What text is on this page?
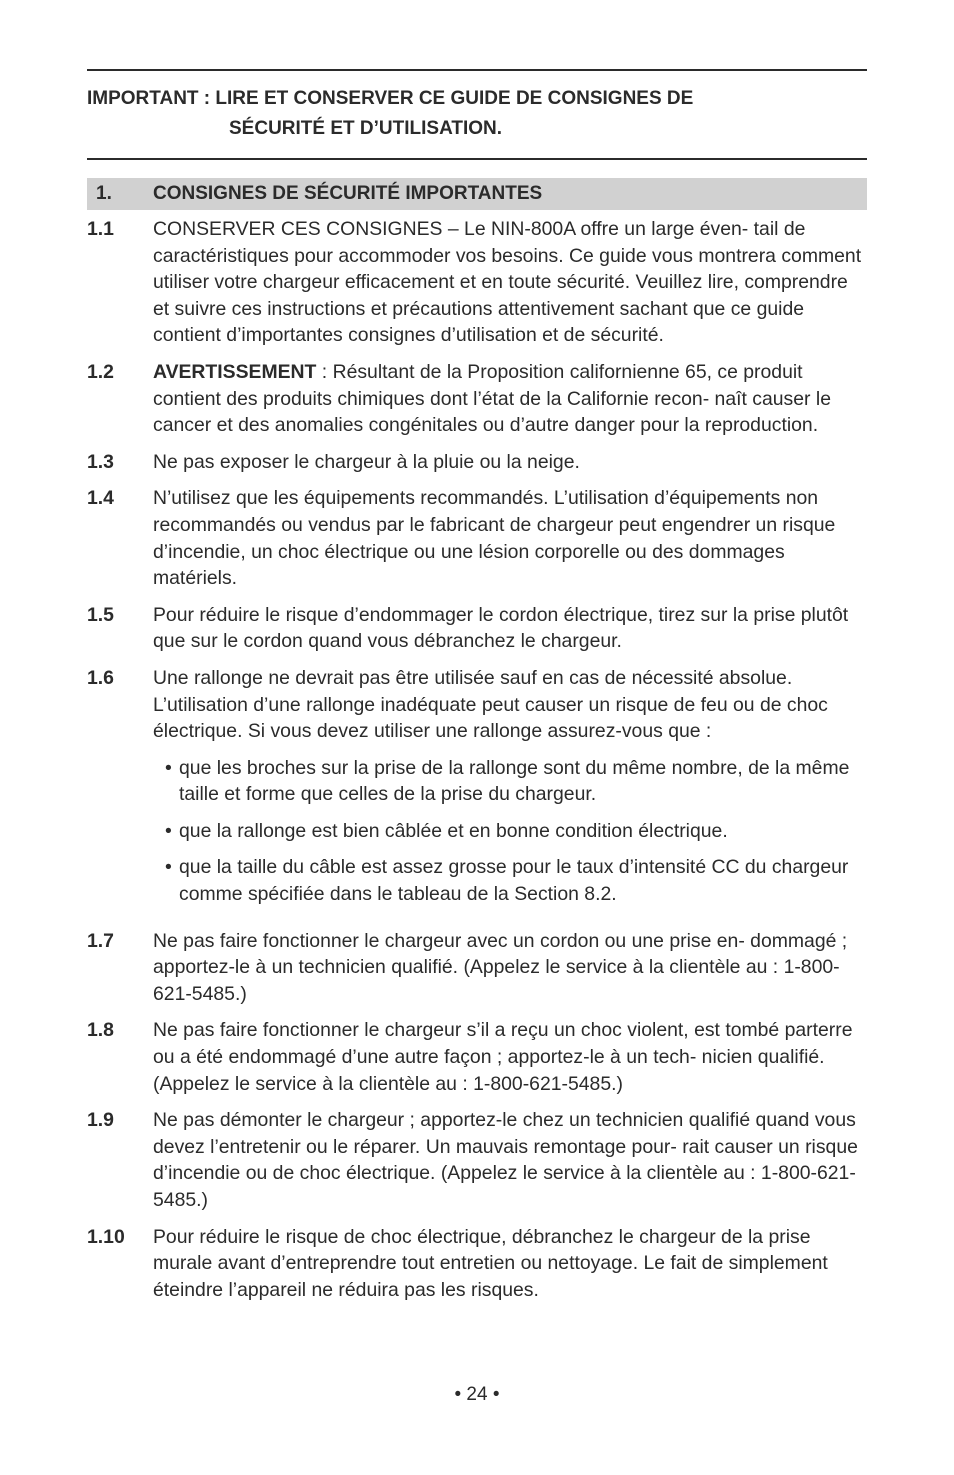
IMPORTANT : LIRE ET CONSERVER CE GUIDE DE CONSIGNES DE
SÉCURITÉ ET D’UTILISATION.
1.	CONSIGNES DE SÉCURITÉ IMPORTANTES
1.1	CONSERVER CES CONSIGNES – Le NIN-800A offre un large éven- tail de caractéristiques pour accommoder vos besoins. Ce guide vous montrera comment utiliser votre chargeur efficacement et en toute sécurité. Veuillez lire, comprendre et suivre ces instructions et précautions attentivement sachant que ce guide contient d’importantes consignes d’utilisation et de sécurité.
1.2	AVERTISSEMENT : Résultant de la Proposition californienne 65, ce produit contient des produits chimiques dont l’état de la Californie recon- naît causer le cancer et des anomalies congénitales ou d’autre danger pour la reproduction.
1.3	Ne pas exposer le chargeur à la pluie ou la neige.
1.4	N’utilisez que les équipements recommandés. L’utilisation d’équipements non recommandés ou vendus par le fabricant de chargeur peut engendrer un risque d’incendie, un choc électrique ou une lésion corporelle ou des dommages matériels.
1.5	Pour réduire le risque d’endommager le cordon électrique, tirez sur la prise plutôt que sur le cordon quand vous débranchez le chargeur.
1.6	Une rallonge ne devrait pas être utilisée sauf en cas de nécessité absolue. L’utilisation d’une rallonge inadéquate peut causer un risque de feu ou de choc électrique. Si vous devez utiliser une rallonge assurez-vous que :
• que les broches sur la prise de la rallonge sont du même nombre, de la même taille et forme que celles de la prise du chargeur.
• que la rallonge est bien câblée et en bonne condition électrique.
• que la taille du câble est assez grosse pour le taux d’intensité CC du chargeur comme spécifiée dans le tableau de la Section 8.2.
1.7	Ne pas faire fonctionner le chargeur avec un cordon ou une prise en- dommagé ; apportez-le à un technicien qualifié. (Appelez le service à la clientèle au : 1-800-621-5485.)
1.8	Ne pas faire fonctionner le chargeur s’il a reçu un choc violent, est tombé parterre ou a été endommagé d’une autre façon ; apportez-le à un tech- nicien qualifié. (Appelez le service à la clientèle au : 1-800-621-5485.)
1.9	Ne pas démonter le chargeur ; apportez-le chez un technicien qualifié quand vous devez l’entretenir ou le réparer. Un mauvais remontage pour- rait causer un risque d’incendie ou de choc électrique. (Appelez le service à la clientèle au : 1-800-621-5485.)
1.10	Pour réduire le risque de choc électrique, débranchez le chargeur de la prise murale avant d’entreprendre tout entretien ou nettoyage. Le fait de simplement éteindre l’appareil ne réduira pas les risques.
• 24 •
